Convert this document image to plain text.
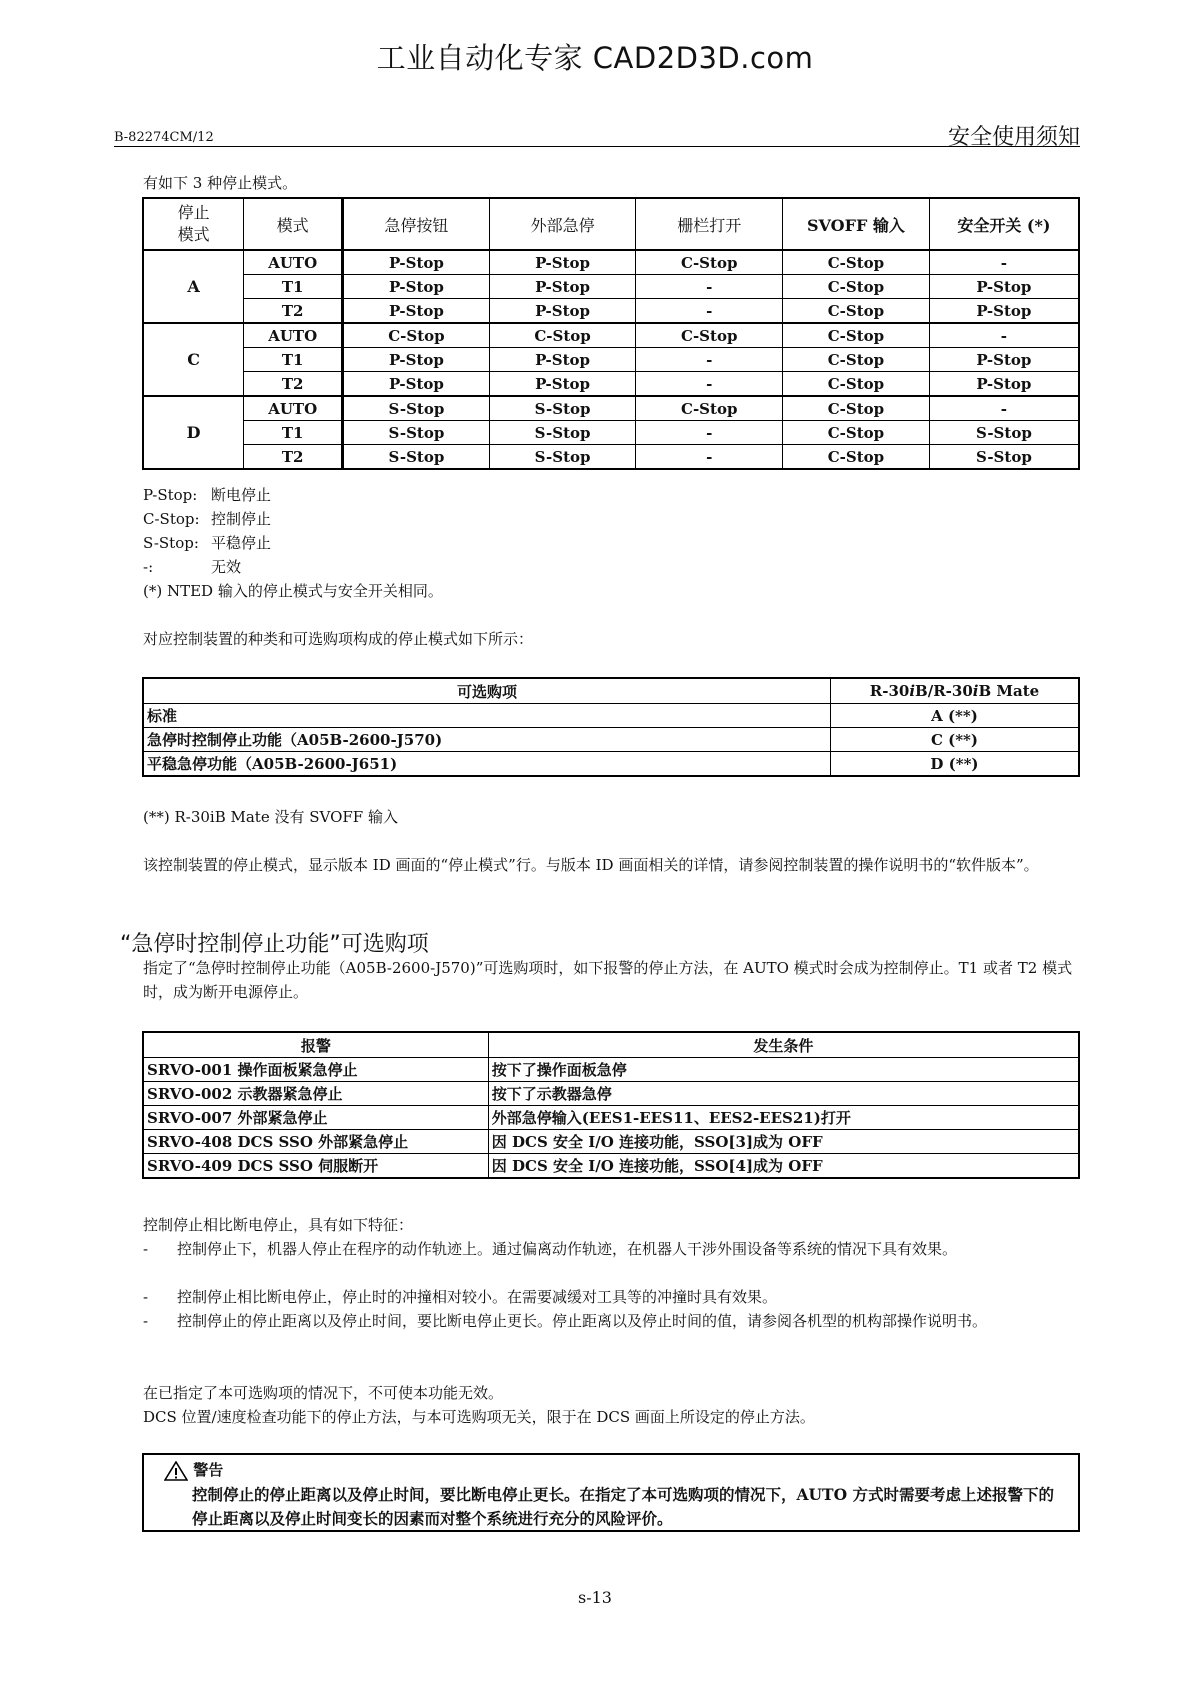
工业自动化专家 CAD2D3D.com
B-82274CM/12	安全使用须知
有如下 3 种停止模式。
停止
模式	模式	急停按钮	外部急停	栅栏打开	SVOFF 输入	安全开关 (*)
A	AUTO	P-Stop	P-Stop	C-Stop	C-Stop	-
	T1	P-Stop	P-Stop	-	C-Stop	P-Stop
	T2	P-Stop	P-Stop	-	C-Stop	P-Stop
C	AUTO	C-Stop	C-Stop	C-Stop	C-Stop	-
	T1	P-Stop	P-Stop	-	C-Stop	P-Stop
	T2	P-Stop	P-Stop	-	C-Stop	P-Stop
D	AUTO	S-Stop	S-Stop	C-Stop	C-Stop	-
	T1	S-Stop	S-Stop	-	C-Stop	S-Stop
	T2	S-Stop	S-Stop	-	C-Stop	S-Stop
P-Stop: 断电停止
C-Stop: 控制停止
S-Stop: 平稳停止
-:	无效
(*) NTED 输入的停止模式与安全开关相同。
对应控制装置的种类和可选购项构成的停止模式如下所示：
可选购项	R-30iB/R-30iB Mate
标准	A (**)
急停时控制停止功能（A05B-2600-J570)	C (**)
平稳急停功能（A05B-2600-J651)	D (**)
(**) R-30iB Mate 没有 SVOFF 输入
该控制装置的停止模式，显示版本 ID 画面的“停止模式”行。与版本 ID 画面相关的详情，请参阅控制装置的操作说明书的“软件版本”。
“急停时控制停止功能”可选购项
指定了“急停时控制停止功能（A05B-2600-J570)”可选购项时，如下报警的停止方法，在 AUTO 模式时会成为控制停止。T1 或者 T2 模式时，成为断开电源停止。
报警	发生条件
SRVO-001 操作面板紧急停止	按下了操作面板急停
SRVO-002 示教器紧急停止	按下了示教器急停
SRVO-007 外部紧急停止	外部急停输入(EES1-EES11、EES2-EES21)打开
SRVO-408 DCS SSO 外部紧急停止	因 DCS 安全 I/O 连接功能，SSO[3]成为 OFF
SRVO-409 DCS SSO 伺服断开	因 DCS 安全 I/O 连接功能，SSO[4]成为 OFF
控制停止相比断电停止，具有如下特征：
- 控制停止下，机器人停止在程序的动作轨迹上。通过偏离动作轨迹，在机器人干涉外围设备等系统的情况下具有效果。
- 控制停止相比断电停止，停止时的冲撞相对较小。在需要减缓对工具等的冲撞时具有效果。
- 控制停止的停止距离以及停止时间，要比断电停止更长。停止距离以及停止时间的值，请参阅各机型的机构部操作说明书。
在已指定了本可选购项的情况下，不可使本功能无效。
DCS 位置/速度检查功能下的停止方法，与本可选购项无关，限于在 DCS 画面上所设定的停止方法。
警告
控制停止的停止距离以及停止时间，要比断电停止更长。在指定了本可选购项的情况下，AUTO 方式时需要考虑上述报警下的停止距离以及停止时间变长的因素而对整个系统进行充分的风险评价。
s-13
